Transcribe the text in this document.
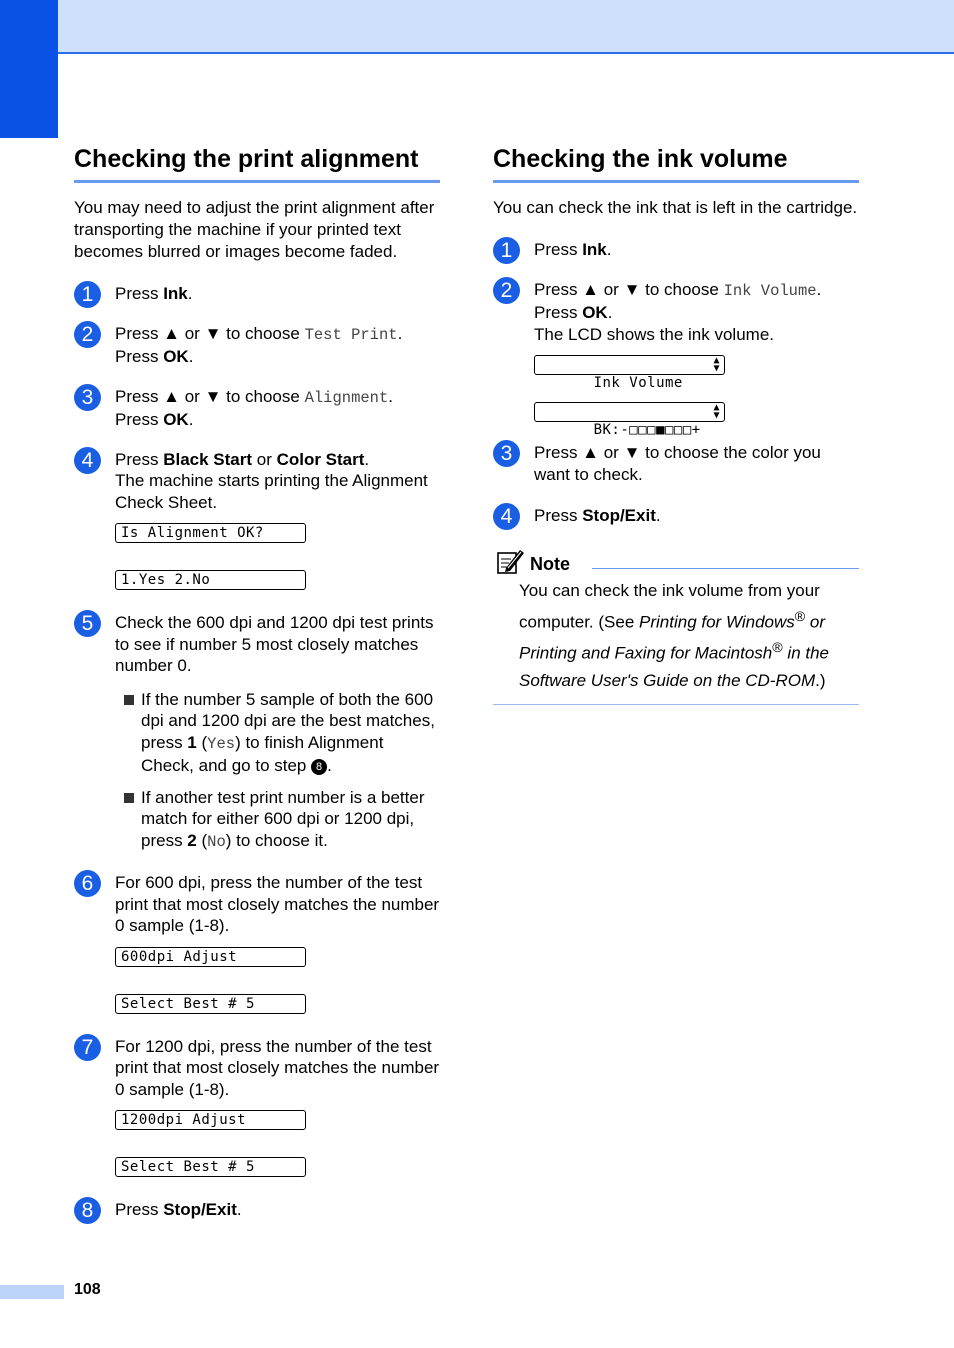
Checking the print alignment

You may need to adjust the print alignment after transporting the machine if your printed text becomes blurred or images become faded.

1	Press Ink.
2	Press ▲ or ▼ to choose Test Print.
Press OK.
3	Press ▲ or ▼ to choose Alignment.
Press OK.
4	Press Black Start or Color Start.
The machine starts printing the Alignment Check Sheet.
Is Alignment OK?
1.Yes 2.No
5	Check the 600 dpi and 1200 dpi test prints to see if number 5 most closely matches number 0.
If the number 5 sample of both the 600 dpi and 1200 dpi are the best matches, press 1 (Yes) to finish Alignment Check, and go to step 8 .
If another test print number is a better match for either 600 dpi or 1200 dpi, press 2 (No) to choose it.
6	For 600 dpi, press the number of the test print that most closely matches the number 0 sample (1-8).
600dpi Adjust
Select Best # 5
7	For 1200 dpi, press the number of the test print that most closely matches the number 0 sample (1-8).
1200dpi Adjust
Select Best # 5
8	Press Stop/Exit.
Checking the ink volume

You can check the ink that is left in the cartridge.

1	Press Ink.
2	Press ▲ or ▼ to choose Ink Volume.
Press OK.
The LCD shows the ink volume.

Ink Volume

▲
▼

BK:-□□□■□□□+

▲
▼

3	Press ▲ or ▼ to choose the color you want to check.
4	Press Stop/Exit.
Note
You can check the ink volume from your computer. (See Printing for Windows® or Printing and Faxing for Macintosh® in the Software User's Guide on the CD-ROM.)
108
